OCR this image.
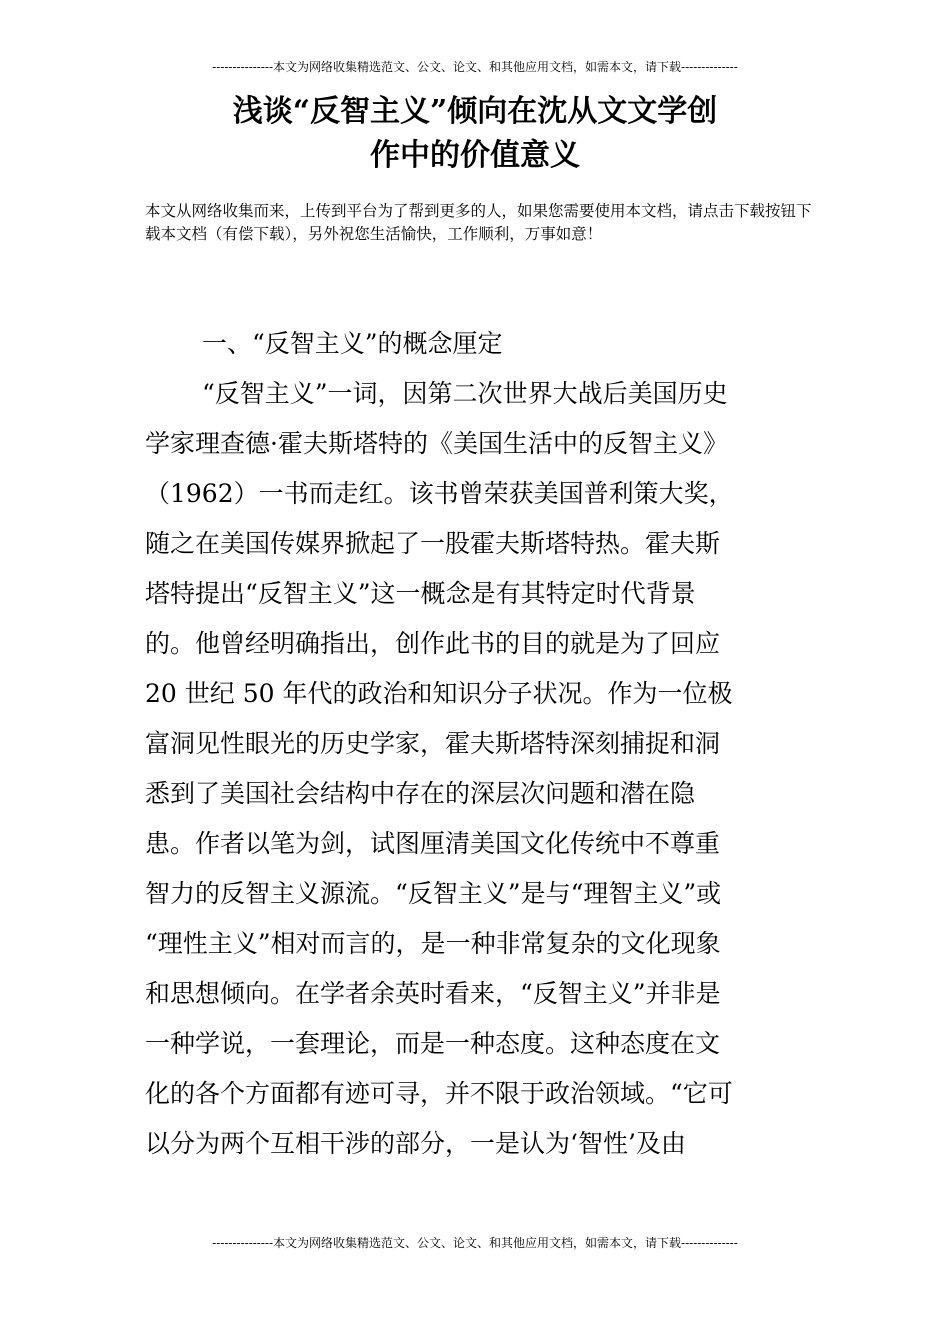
---------------本文为网络收集精选范文、公文、论文、和其他应用文档，如需本文，请下载--------------
浅谈“反智主义”倾向在沈从文文学创
作中的价值意义
本文从网络收集而来，上传到平台为了帮到更多的人，如果您需要使用本文档，请点击下载按钮下载本文档（有偿下载），另外祝您生活愉快，工作顺利，万事如意！
一、“反智主义”的概念厘定
“反智主义”一词，因第二次世界大战后美国历史
学家理查德·霍夫斯塔特的《美国生活中的反智主义》
（1962）一书而走红。该书曾荣获美国普利策大奖，
随之在美国传媒界掀起了一股霍夫斯塔特热。霍夫斯
塔特提出“反智主义”这一概念是有其特定时代背景
的。他曾经明确指出，创作此书的目的就是为了回应
20 世纪 50 年代的政治和知识分子状况。作为一位极
富洞见性眼光的历史学家，霍夫斯塔特深刻捕捉和洞
悉到了美国社会结构中存在的深层次问题和潜在隐
患。作者以笔为剑，试图厘清美国文化传统中不尊重
智力的反智主义源流。“反智主义”是与“理智主义”或
“理性主义”相对而言的，是一种非常复杂的文化现象
和思想倾向。在学者余英时看来，“反智主义”并非是
一种学说，一套理论，而是一种态度。这种态度在文
化的各个方面都有迹可寻，并不限于政治领域。“它可
以分为两个互相干涉的部分，一是认为‘智性’及由
---------------本文为网络收集精选范文、公文、论文、和其他应用文档，如需本文，请下载--------------
